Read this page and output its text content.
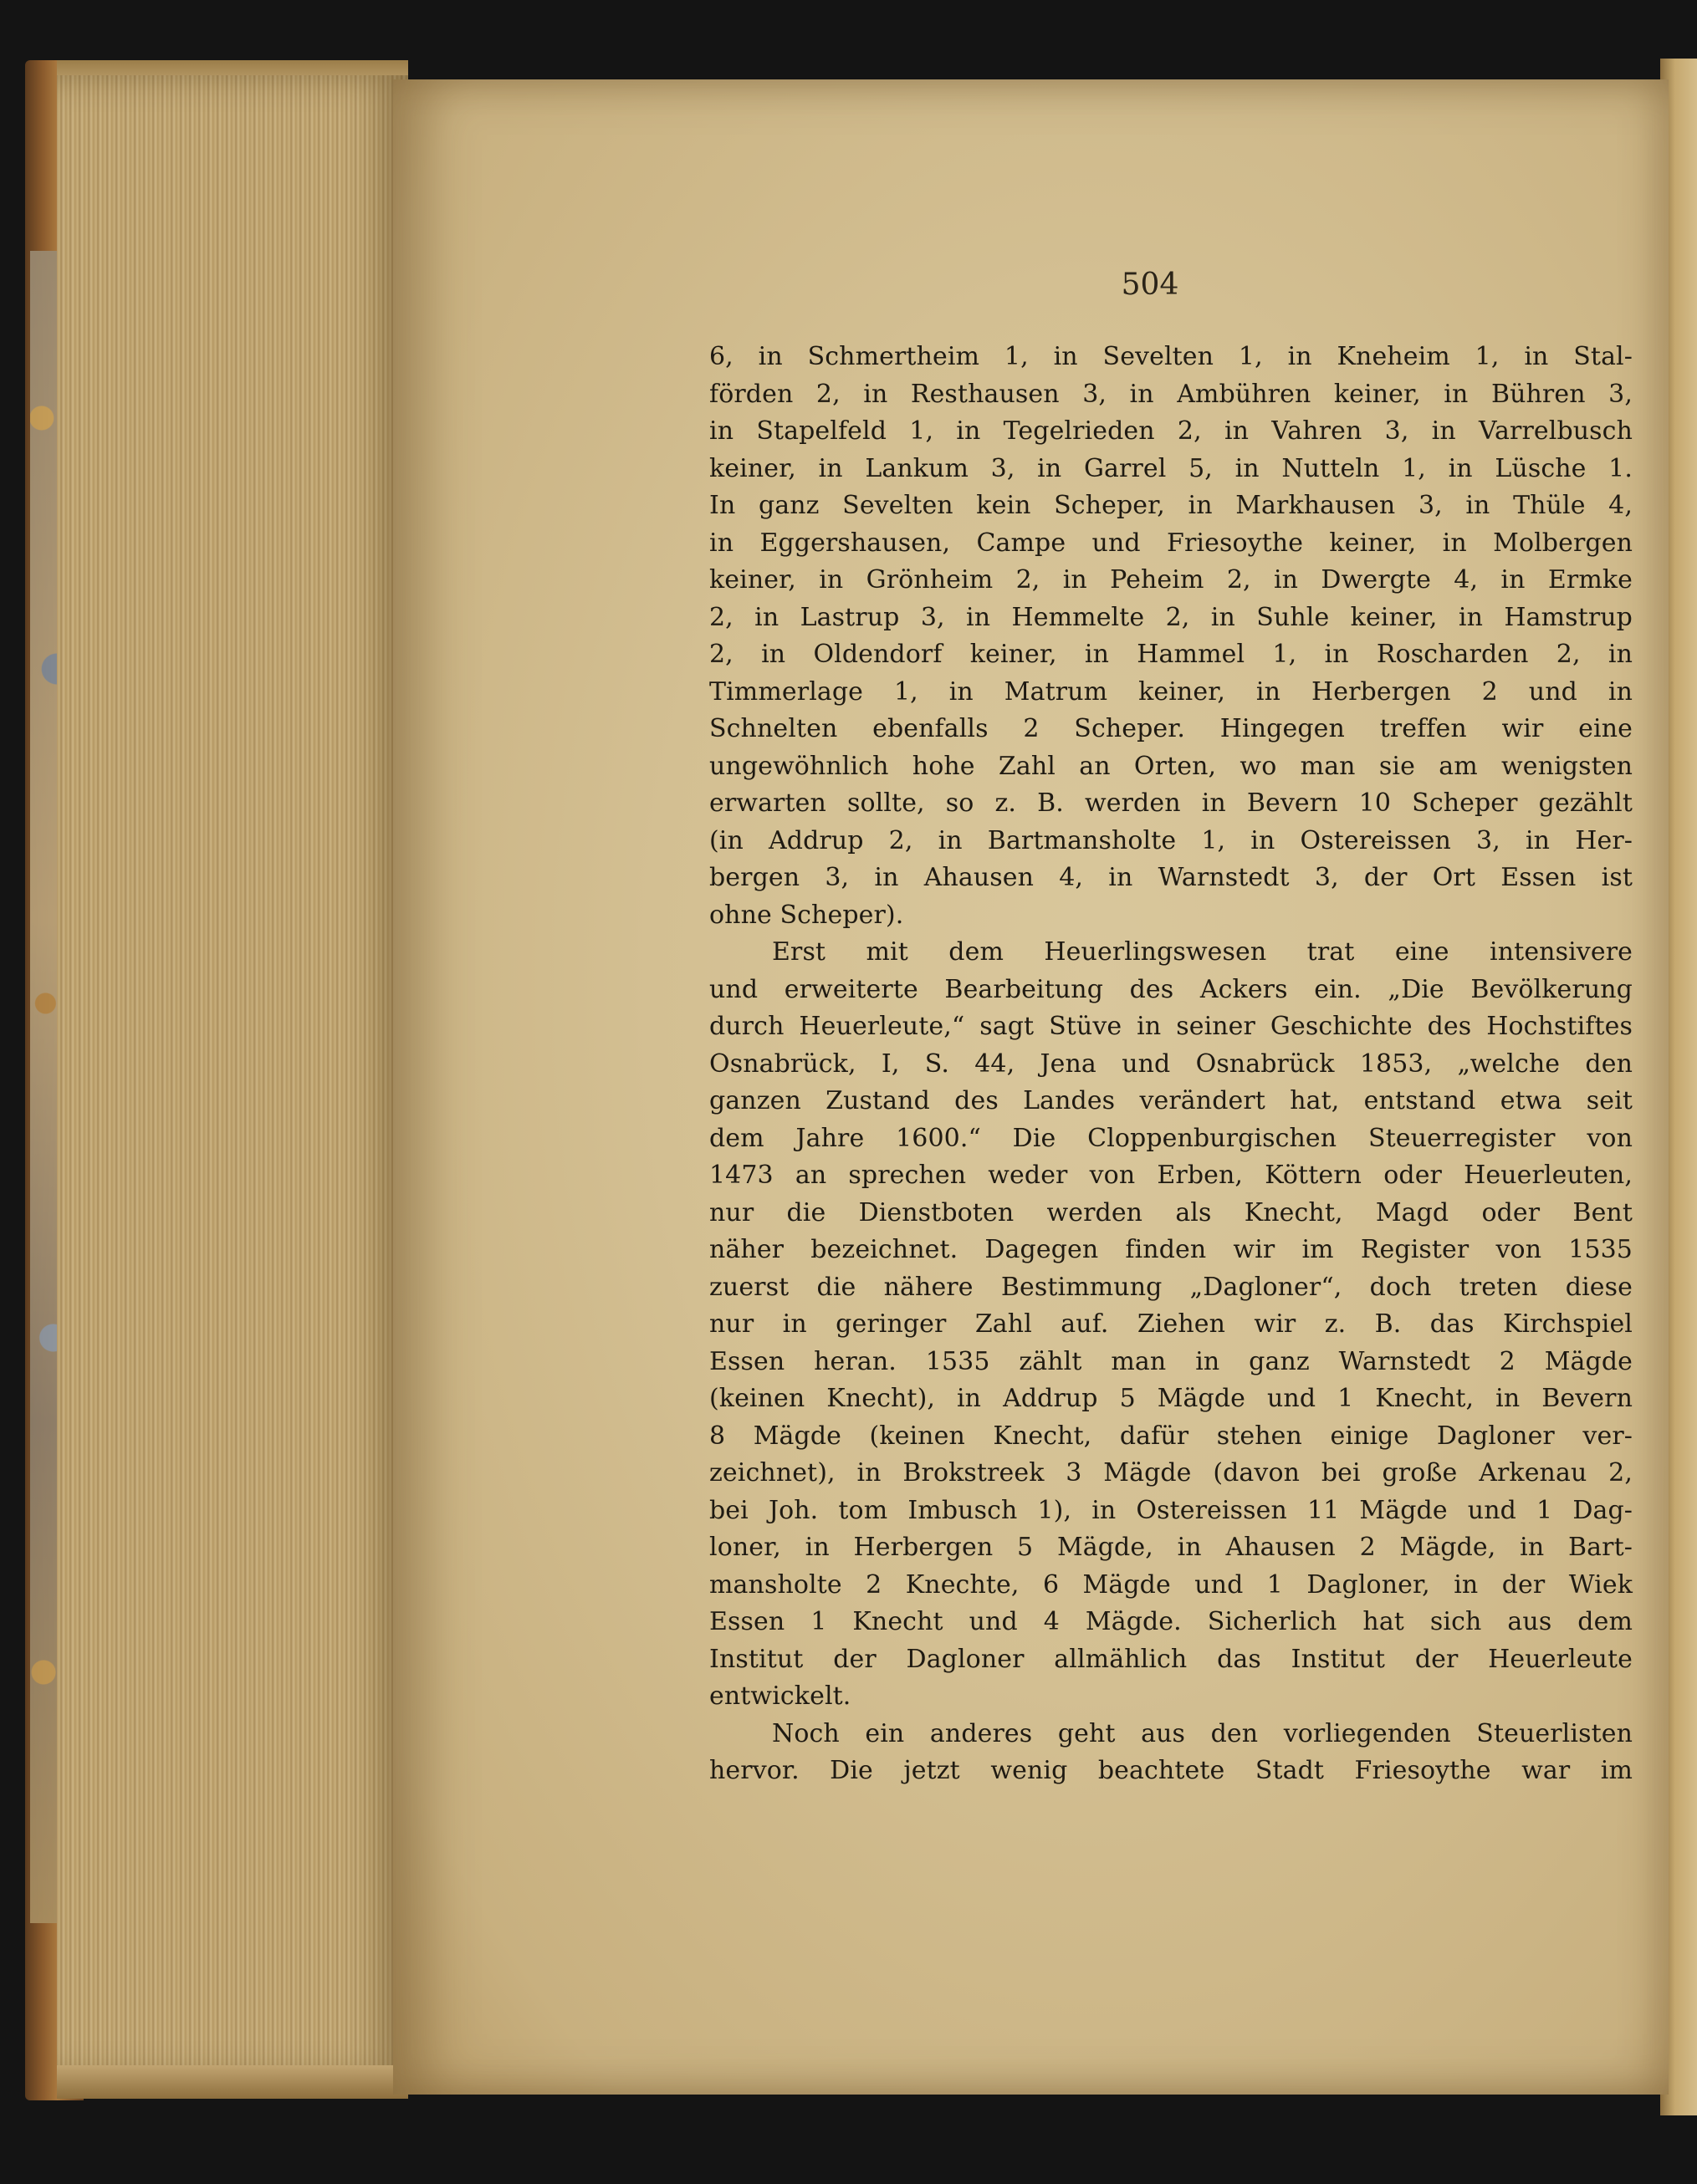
504
6, in Schmertheim 1, in Sevelten 1, in Kneheim 1, in Stal-
förden 2, in Resthausen 3, in Ambühren keiner, in Bühren 3,
in Stapelfeld 1, in Tegelrieden 2, in Vahren 3, in Varrelbusch
keiner, in Lankum 3, in Garrel 5, in Nutteln 1, in Lüsche 1.
In ganz Sevelten kein Scheper, in Markhausen 3, in Thüle 4,
in Eggershausen, Campe und Friesoythe keiner, in Molbergen
keiner, in Grönheim 2, in Peheim 2, in Dwergte 4, in Ermke
2, in Lastrup 3, in Hemmelte 2, in Suhle keiner, in Hamstrup
2, in Oldendorf keiner, in Hammel 1, in Roscharden 2, in
Timmerlage 1, in Matrum keiner, in Herbergen 2 und in
Schnelten ebenfalls 2 Scheper. Hingegen treffen wir eine
ungewöhnlich hohe Zahl an Orten, wo man sie am wenigsten
erwarten sollte, so z. B. werden in Bevern 10 Scheper gezählt
(in Addrup 2, in Bartmansholte 1, in Ostereissen 3, in Her-
bergen 3, in Ahausen 4, in Warnstedt 3, der Ort Essen ist
ohne Scheper).
Erst mit dem Heuerlingswesen trat eine intensivere
und erweiterte Bearbeitung des Ackers ein. „Die Bevölkerung
durch Heuerleute,“ sagt Stüve in seiner Geschichte des Hochstiftes
Osnabrück, I, S. 44, Jena und Osnabrück 1853, „welche den
ganzen Zustand des Landes verändert hat, entstand etwa seit
dem Jahre 1600.“ Die Cloppenburgischen Steuerregister von
1473 an sprechen weder von Erben, Köttern oder Heuerleuten,
nur die Dienstboten werden als Knecht, Magd oder Bent
näher bezeichnet. Dagegen finden wir im Register von 1535
zuerst die nähere Bestimmung „Dagloner“, doch treten diese
nur in geringer Zahl auf. Ziehen wir z. B. das Kirchspiel
Essen heran. 1535 zählt man in ganz Warnstedt 2 Mägde
(keinen Knecht), in Addrup 5 Mägde und 1 Knecht, in Bevern
8 Mägde (keinen Knecht, dafür stehen einige Dagloner ver-
zeichnet), in Brokstreek 3 Mägde (davon bei große Arkenau 2,
bei Joh. tom Imbusch 1), in Ostereissen 11 Mägde und 1 Dag-
loner, in Herbergen 5 Mägde, in Ahausen 2 Mägde, in Bart-
mansholte 2 Knechte, 6 Mägde und 1 Dagloner, in der Wiek
Essen 1 Knecht und 4 Mägde. Sicherlich hat sich aus dem
Institut der Dagloner allmählich das Institut der Heuerleute
entwickelt.
Noch ein anderes geht aus den vorliegenden Steuerlisten
hervor. Die jetzt wenig beachtete Stadt Friesoythe war im
